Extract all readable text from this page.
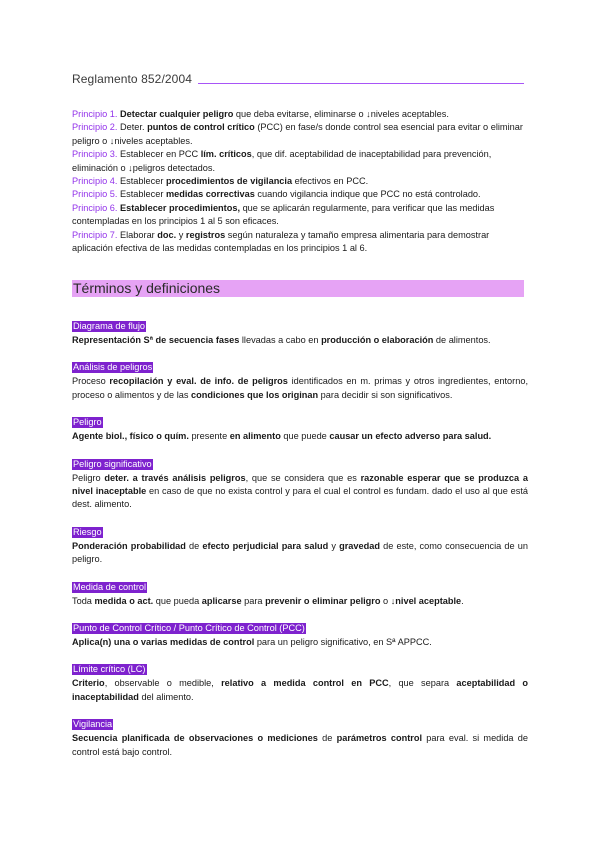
Reglamento 852/2004

Principio 1. Detectar cualquier peligro que deba evitarse, eliminarse o ↓niveles aceptables.

Principio 2. Deter. puntos de control crítico (PCC) en fase/s donde control sea esencial para evitar o eliminar peligro o ↓niveles aceptables.

Principio 3. Establecer en PCC lím. críticos, que dif. aceptabilidad de inaceptabilidad para prevención, eliminación o ↓peligros detectados.

Principio 4. Establecer procedimientos de vigilancia efectivos en PCC.

Principio 5. Establecer medidas correctivas cuando vigilancia indique que PCC no está controlado.

Principio 6. Establecer procedimientos, que se aplicarán regularmente, para verificar que las medidas contempladas en los principios 1 al 5 son eficaces.

Principio 7. Elaborar doc. y registros según naturaleza y tamaño empresa alimentaria para demostrar aplicación efectiva de las medidas contempladas en los principios 1 al 6.

Términos y definiciones
Diagrama de flujo

Representación Sª de secuencia fases llevadas a cabo en producción o elaboración de alimentos.

Análisis de peligros

Proceso recopilación y eval. de info. de peligros identificados en m. primas y otros ingredientes, entorno, proceso o alimentos y de las condiciones que los originan para decidir si son significativos.

Peligro

Agente biol., físico o quím. presente en alimento que puede causar un efecto adverso para salud.

Peligro significativo

Peligro deter. a través análisis peligros, que se considera que es razonable esperar que se produzca a nivel inaceptable en caso de que no exista control y para el cual el control es fundam. dado el uso al que está dest. alimento.

Riesgo

Ponderación probabilidad de efecto perjudicial para salud y gravedad de este, como consecuencia de un peligro.

Medida de control

Toda medida o act. que pueda aplicarse para prevenir o eliminar peligro o ↓nivel aceptable.

Punto de Control Crítico / Punto Crítico de Control (PCC)

Aplica(n) una o varias medidas de control para un peligro significativo, en Sª APPCC.

Límite crítico (LC)

Criterio, observable o medible, relativo a medida control en PCC, que separa aceptabilidad o inaceptabilidad del alimento.

Vigilancia

Secuencia planificada de observaciones o mediciones de parámetros control para eval. si medida de control está bajo control.
